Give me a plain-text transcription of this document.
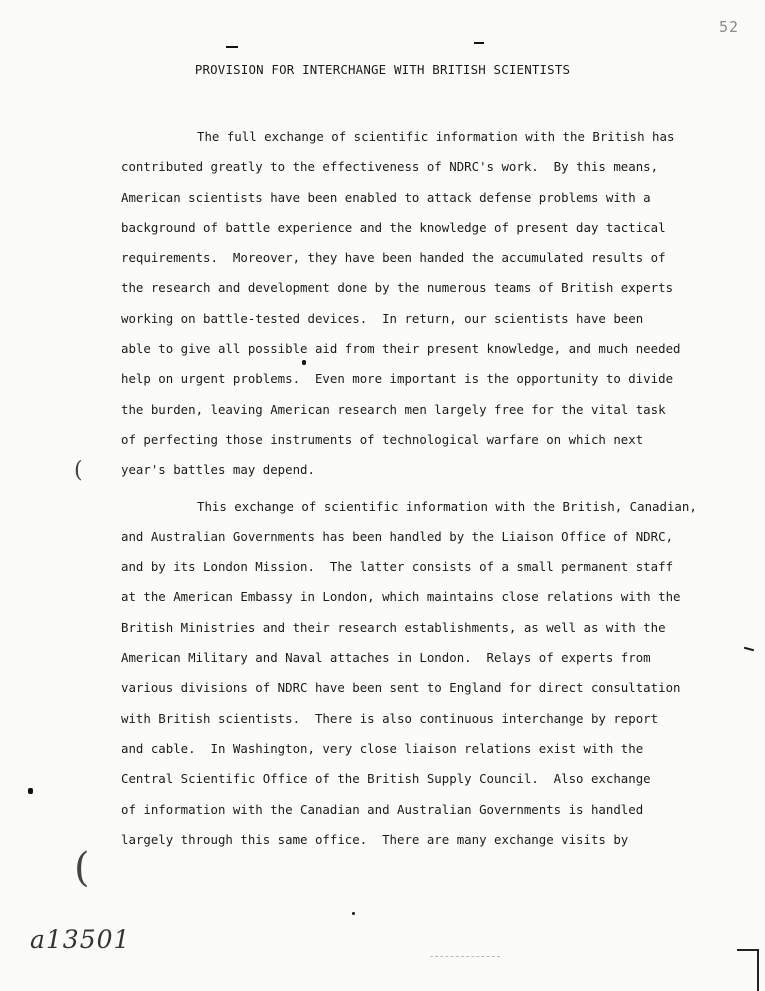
52
PROVISION FOR INTERCHANGE WITH BRITISH SCIENTISTS
The full exchange of scientific information with the British has
contributed greatly to the effectiveness of NDRC's work.  By this means,
American scientists have been enabled to attack defense problems with a
background of battle experience and the knowledge of present day tactical
requirements.  Moreover, they have been handed the accumulated results of
the research and development done by the numerous teams of British experts
working on battle-tested devices.  In return, our scientists have been
able to give all possible aid from their present knowledge, and much needed
help on urgent problems.  Even more important is the opportunity to divide
the burden, leaving American research men largely free for the vital task
of perfecting those instruments of technological warfare on which next
year's battles may depend.
This exchange of scientific information with the British, Canadian,
and Australian Governments has been handled by the Liaison Office of NDRC,
and by its London Mission.  The latter consists of a small permanent staff
at the American Embassy in London, which maintains close relations with the
British Ministries and their research establishments, as well as with the
American Military and Naval attaches in London.  Relays of experts from
various divisions of NDRC have been sent to England for direct consultation
with British scientists.  There is also continuous interchange by report
and cable.  In Washington, very close liaison relations exist with the
Central Scientific Office of the British Supply Council.  Also exchange
of information with the Canadian and Australian Governments is handled
largely through this same office.  There are many exchange visits by
(
(
a13501
